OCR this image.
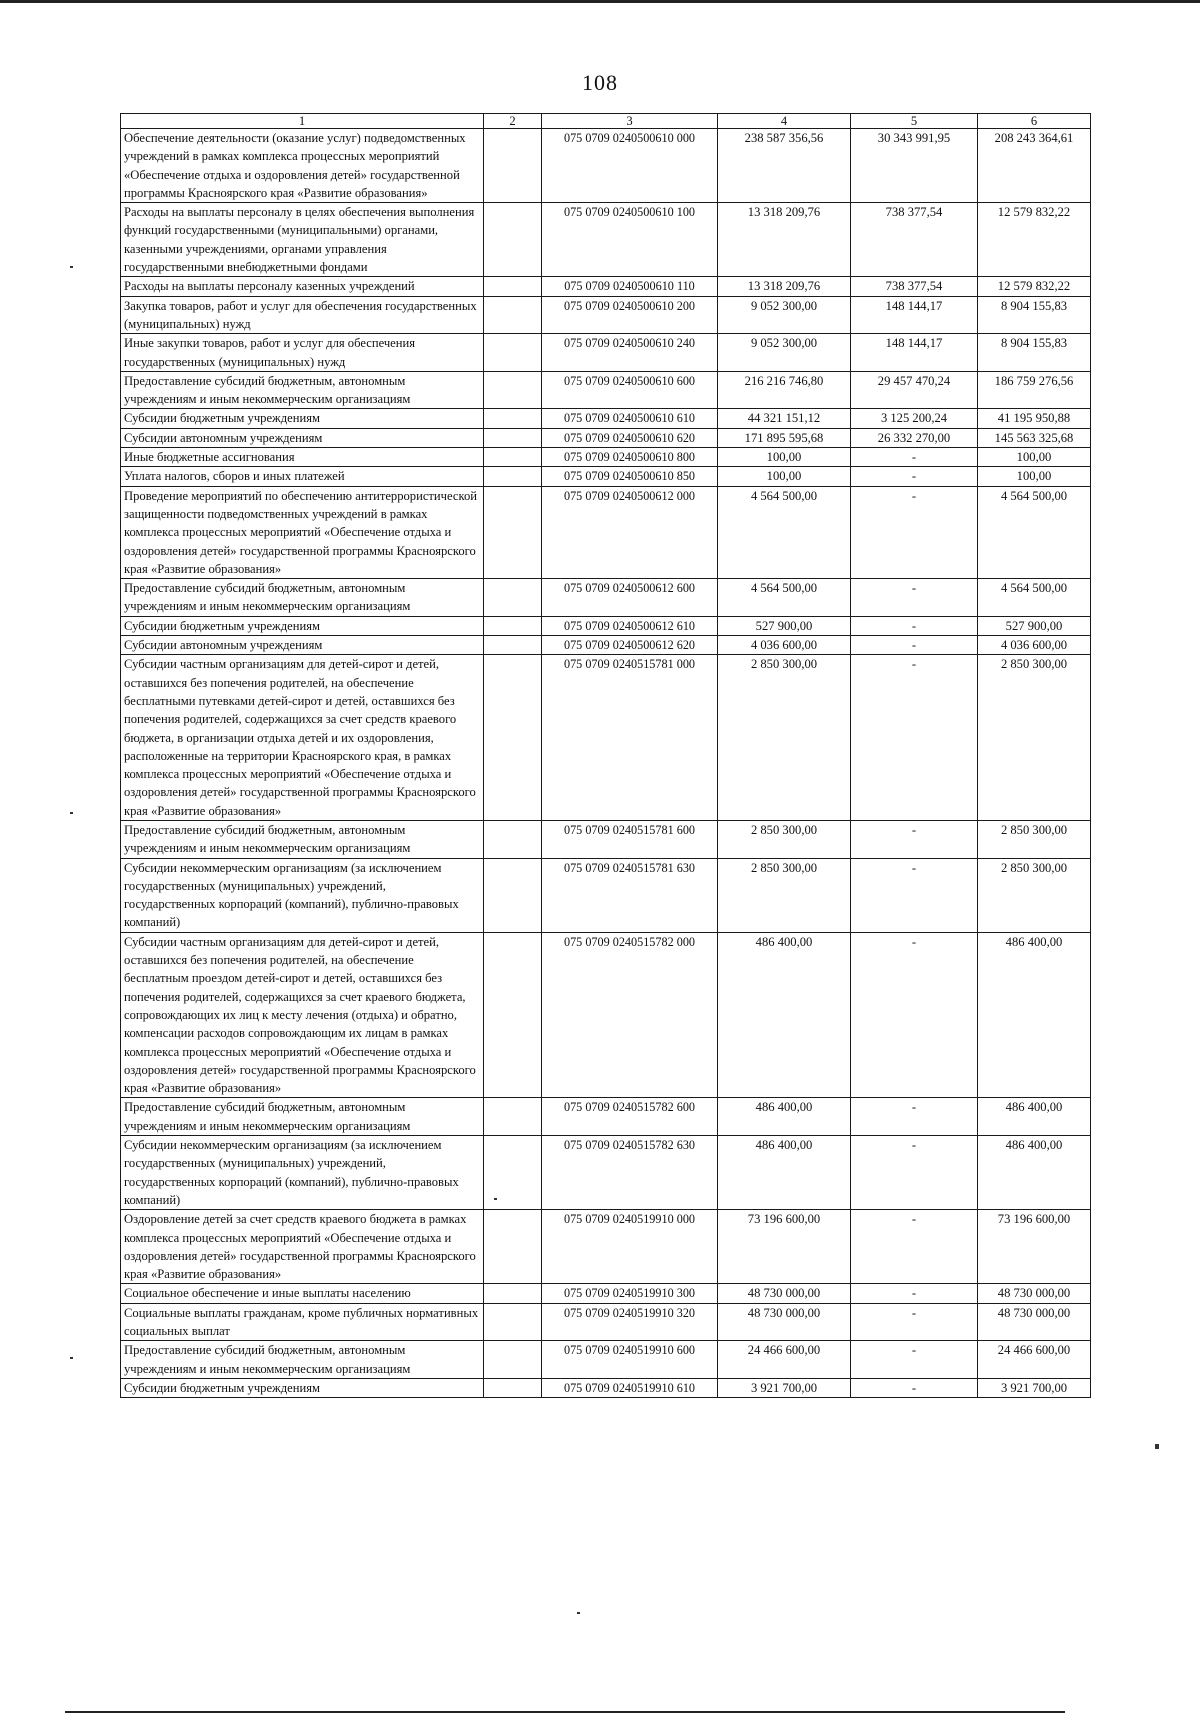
108
1	2	3	4	5	6
Обеспечение деятельности (оказание услуг) подведомственных учреждений в рамках комплекса процессных мероприятий «Обеспечение отдыха и оздоровления детей» государственной программы Красноярского края «Развитие образования»		075 0709 0240500610 000	238 587 356,56	30 343 991,95	208 243 364,61
Расходы на выплаты персоналу в целях обеспечения выполнения функций государственными (муниципальными) органами, казенными учреждениями, органами управления государственными внебюджетными фондами		075 0709 0240500610 100	13 318 209,76	738 377,54	12 579 832,22
Расходы на выплаты персоналу казенных учреждений		075 0709 0240500610 110	13 318 209,76	738 377,54	12 579 832,22
Закупка товаров, работ и услуг для обеспечения государственных (муниципальных) нужд		075 0709 0240500610 200	9 052 300,00	148 144,17	8 904 155,83
Иные закупки товаров, работ и услуг для обеспечения государственных (муниципальных) нужд		075 0709 0240500610 240	9 052 300,00	148 144,17	8 904 155,83
Предоставление субсидий бюджетным, автономным учреждениям и иным некоммерческим организациям		075 0709 0240500610 600	216 216 746,80	29 457 470,24	186 759 276,56
Субсидии бюджетным учреждениям		075 0709 0240500610 610	44 321 151,12	3 125 200,24	41 195 950,88
Субсидии автономным учреждениям		075 0709 0240500610 620	171 895 595,68	26 332 270,00	145 563 325,68
Иные бюджетные ассигнования		075 0709 0240500610 800	100,00	-	100,00
Уплата налогов, сборов и иных платежей		075 0709 0240500610 850	100,00	-	100,00
Проведение мероприятий по обеспечению антитеррористической защищенности подведомственных учреждений в рамках комплекса процессных мероприятий «Обеспечение отдыха и оздоровления детей» государственной программы Красноярского края «Развитие образования»		075 0709 0240500612 000	4 564 500,00	-	4 564 500,00
Предоставление субсидий бюджетным, автономным учреждениям и иным некоммерческим организациям		075 0709 0240500612 600	4 564 500,00	-	4 564 500,00
Субсидии бюджетным учреждениям		075 0709 0240500612 610	527 900,00	-	527 900,00
Субсидии автономным учреждениям		075 0709 0240500612 620	4 036 600,00	-	4 036 600,00
Субсидии частным организациям для детей-сирот и детей, оставшихся без попечения родителей, на обеспечение бесплатными путевками детей-сирот и детей, оставшихся без попечения родителей, содержащихся за счет средств краевого бюджета, в организации отдыха детей и их оздоровления, расположенные на территории Красноярского края, в рамках комплекса процессных мероприятий «Обеспечение отдыха и оздоровления детей» государственной программы Красноярского края «Развитие образования»		075 0709 0240515781 000	2 850 300,00	-	2 850 300,00
Предоставление субсидий бюджетным, автономным учреждениям и иным некоммерческим организациям		075 0709 0240515781 600	2 850 300,00	-	2 850 300,00
Субсидии некоммерческим организациям (за исключением государственных (муниципальных) учреждений, государственных корпораций (компаний), публично-правовых компаний)		075 0709 0240515781 630	2 850 300,00	-	2 850 300,00
Субсидии частным организациям для детей-сирот и детей, оставшихся без попечения родителей, на обеспечение бесплатным проездом детей-сирот и детей, оставшихся без попечения родителей, содержащихся за счет краевого бюджета, сопровождающих их лиц к месту лечения (отдыха) и обратно, компенсации расходов сопровождающим их лицам в рамках комплекса процессных мероприятий «Обеспечение отдыха и оздоровления детей» государственной программы Красноярского края «Развитие образования»		075 0709 0240515782 000	486 400,00	-	486 400,00
Предоставление субсидий бюджетным, автономным учреждениям и иным некоммерческим организациям		075 0709 0240515782 600	486 400,00	-	486 400,00
Субсидии некоммерческим организациям (за исключением государственных (муниципальных) учреждений, государственных корпораций (компаний), публично-правовых компаний)		075 0709 0240515782 630	486 400,00	-	486 400,00
Оздоровление детей за счет средств краевого бюджета в рамках комплекса процессных мероприятий «Обеспечение отдыха и оздоровления детей» государственной программы Красноярского края «Развитие образования»		075 0709 0240519910 000	73 196 600,00	-	73 196 600,00
Социальное обеспечение и иные выплаты населению		075 0709 0240519910 300	48 730 000,00	-	48 730 000,00
Социальные выплаты гражданам, кроме публичных нормативных социальных выплат		075 0709 0240519910 320	48 730 000,00	-	48 730 000,00
Предоставление субсидий бюджетным, автономным учреждениям и иным некоммерческим организациям		075 0709 0240519910 600	24 466 600,00	-	24 466 600,00
Субсидии бюджетным учреждениям		075 0709 0240519910 610	3 921 700,00	-	3 921 700,00
